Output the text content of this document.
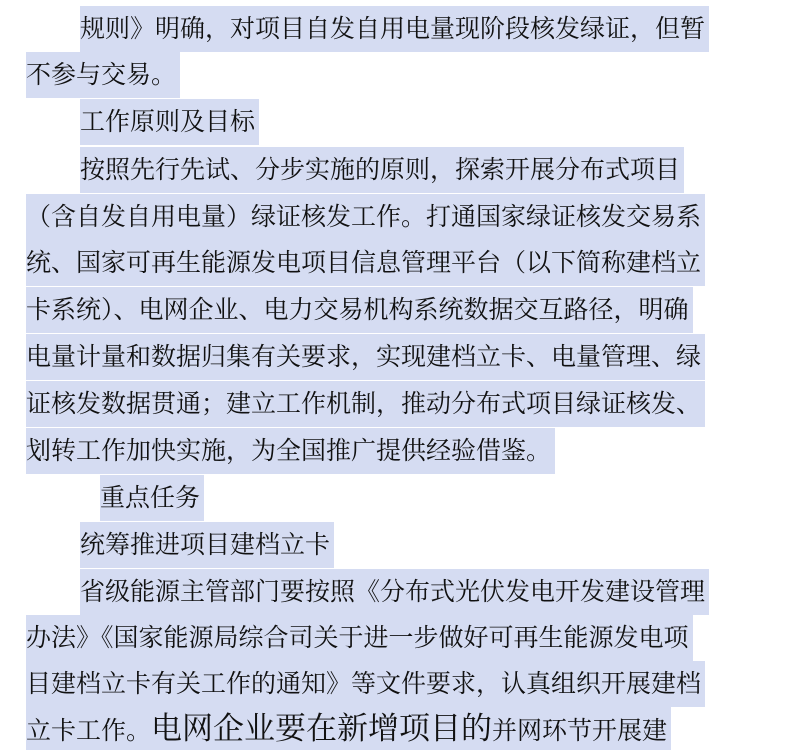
规则》明确，对项目自发自用电量现阶段核发绿证，但暂
不参与交易。
工作原则及目标
按照先行先试、分步实施的原则，探索开展分布式项目
（含自发自用电量）绿证核发工作。打通国家绿证核发交易系
统、国家可再生能源发电项目信息管理平台（以下简称建档立
卡系统）、电网企业、电力交易机构系统数据交互路径，明确
电量计量和数据归集有关要求，实现建档立卡、电量管理、绿
证核发数据贯通；建立工作机制，推动分布式项目绿证核发、
划转工作加快实施，为全国推广提供经验借鉴。
重点任务
统筹推进项目建档立卡
省级能源主管部门要按照《分布式光伏发电开发建设管理
办法》《国家能源局综合司关于进一步做好可再生能源发电项
目建档立卡有关工作的通知》等文件要求，认真组织开展建档
立卡工作。电网企业要在新增项目的并网环节开展建
